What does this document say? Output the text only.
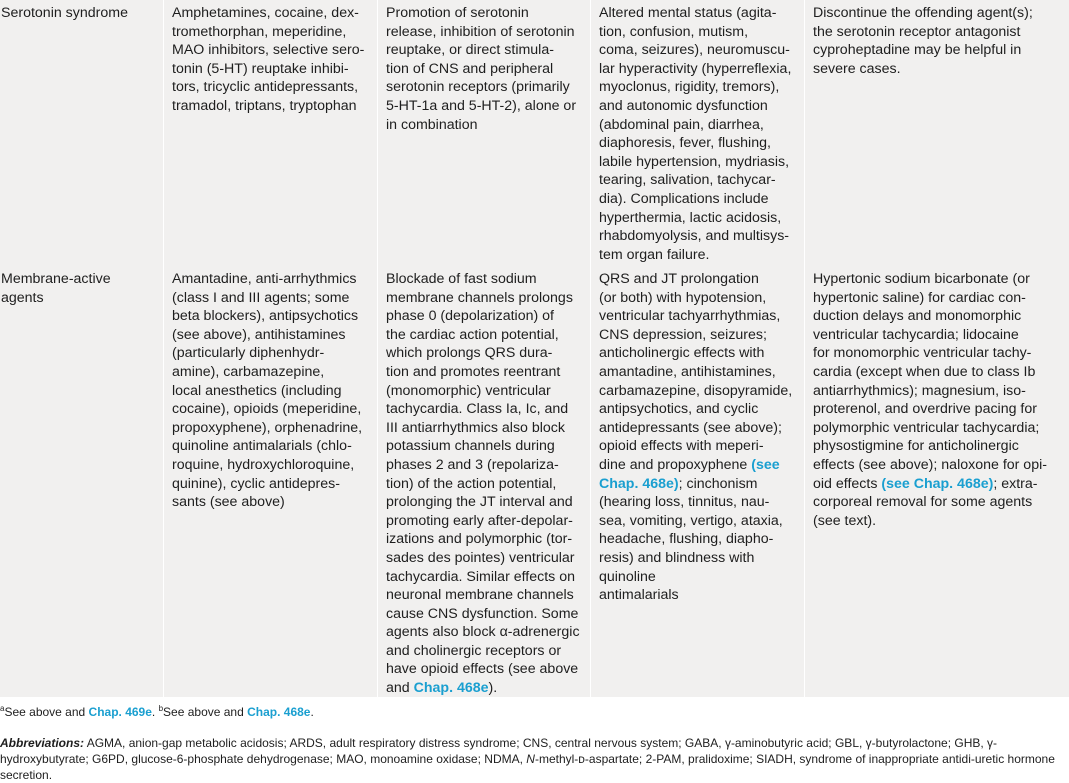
Serotonin syndrome	Amphetamines, cocaine, dex-
tromethorphan, meperidine,
MAO inhibitors, selective sero-
tonin (5-HT) reuptake inhibi-
tors, tricyclic antidepressants,
tramadol, triptans, tryptophan
Promotion of serotonin
release, inhibition of serotonin
reuptake, or direct stimula-
tion of CNS and peripheral
serotonin receptors (primarily
5-HT-1a and 5-HT-2), alone or
in combination
Altered mental status (agita-
tion, confusion, mutism,
coma, seizures), neuromuscu-
lar hyperactivity (hyperreflexia,
myoclonus, rigidity, tremors),
and autonomic dysfunction
(abdominal pain, diarrhea,
diaphoresis, fever, flushing,
labile hypertension, mydriasis,
tearing, salivation, tachycar-
dia). Complications include
hyperthermia, lactic acidosis,
rhabdomyolysis, and multisys-
tem organ failure.
Discontinue the offending agent(s);
the serotonin receptor antagonist
cyproheptadine may be helpful in
severe cases.
Membrane-active
agents
Amantadine, anti-arrhythmics
(class I and III agents; some
beta blockers), antipsychotics
(see above), antihistamines
(particularly diphenhydr-
amine), carbamazepine,
local anesthetics (including
cocaine), opioids (meperidine,
propoxyphene), orphenadrine,
quinoline antimalarials (chlo-
roquine, hydroxychloroquine,
quinine), cyclic antidepres-
sants (see above)
Blockade of fast sodium
membrane channels prolongs
phase 0 (depolarization) of
the cardiac action potential,
which prolongs QRS dura-
tion and promotes reentrant
(monomorphic) ventricular
tachycardia. Class Ia, Ic, and
III antiarrhythmics also block
potassium channels during
phases 2 and 3 (repolariza-
tion) of the action potential,
prolonging the JT interval and
promoting early after-depolar-
izations and polymorphic (tor-
sades des pointes) ventricular
tachycardia. Similar effects on
neuronal membrane channels
cause CNS dysfunction. Some
agents also block α-adrenergic
and cholinergic receptors or
have opioid effects (see above
and Chap. 468e).
QRS and JT prolongation
(or both) with hypotension,
ventricular tachyarrhythmias,
CNS depression, seizures;
anticholinergic effects with
amantadine, antihistamines,
carbamazepine, disopyramide,
antipsychotics, and cyclic
antidepressants (see above);
opioid effects with meperi-
dine and propoxyphene (see
Chap. 468e); cinchonism
(hearing loss, tinnitus, nau-
sea, vomiting, vertigo, ataxia,
headache, flushing, diapho-
resis) and blindness with
quinoline
antimalarials
Hypertonic sodium bicarbonate (or
hypertonic saline) for cardiac con-
duction delays and monomorphic
ventricular tachycardia; lidocaine
for monomorphic ventricular tachy-
cardia (except when due to class Ib
antiarrhythmics); magnesium, iso-
proterenol, and overdrive pacing for
polymorphic ventricular tachycardia;
physostigmine for anticholinergic
effects (see above); naloxone for opi-
oid effects (see Chap. 468e); extra-
corporeal removal for some agents
(see text).
$^a$See above and Chap. 469e. $^b$See above and Chap. 468e.
Abbreviations: AGMA, anion-gap metabolic acidosis; ARDS, adult respiratory distress syndrome; CNS, central nervous system; GABA, γ-aminobutyric acid; GBL, γ-butyrolactone; GHB, γ-hydroxybutyrate; G6PD, glucose-6-phosphate dehydrogenase; MAO, monoamine oxidase; NDMA, N-methyl-ᴅ-aspartate; 2-PAM, pralidoxime; SIADH, syndrome of inappropriate antidi-uretic hormone secretion.
